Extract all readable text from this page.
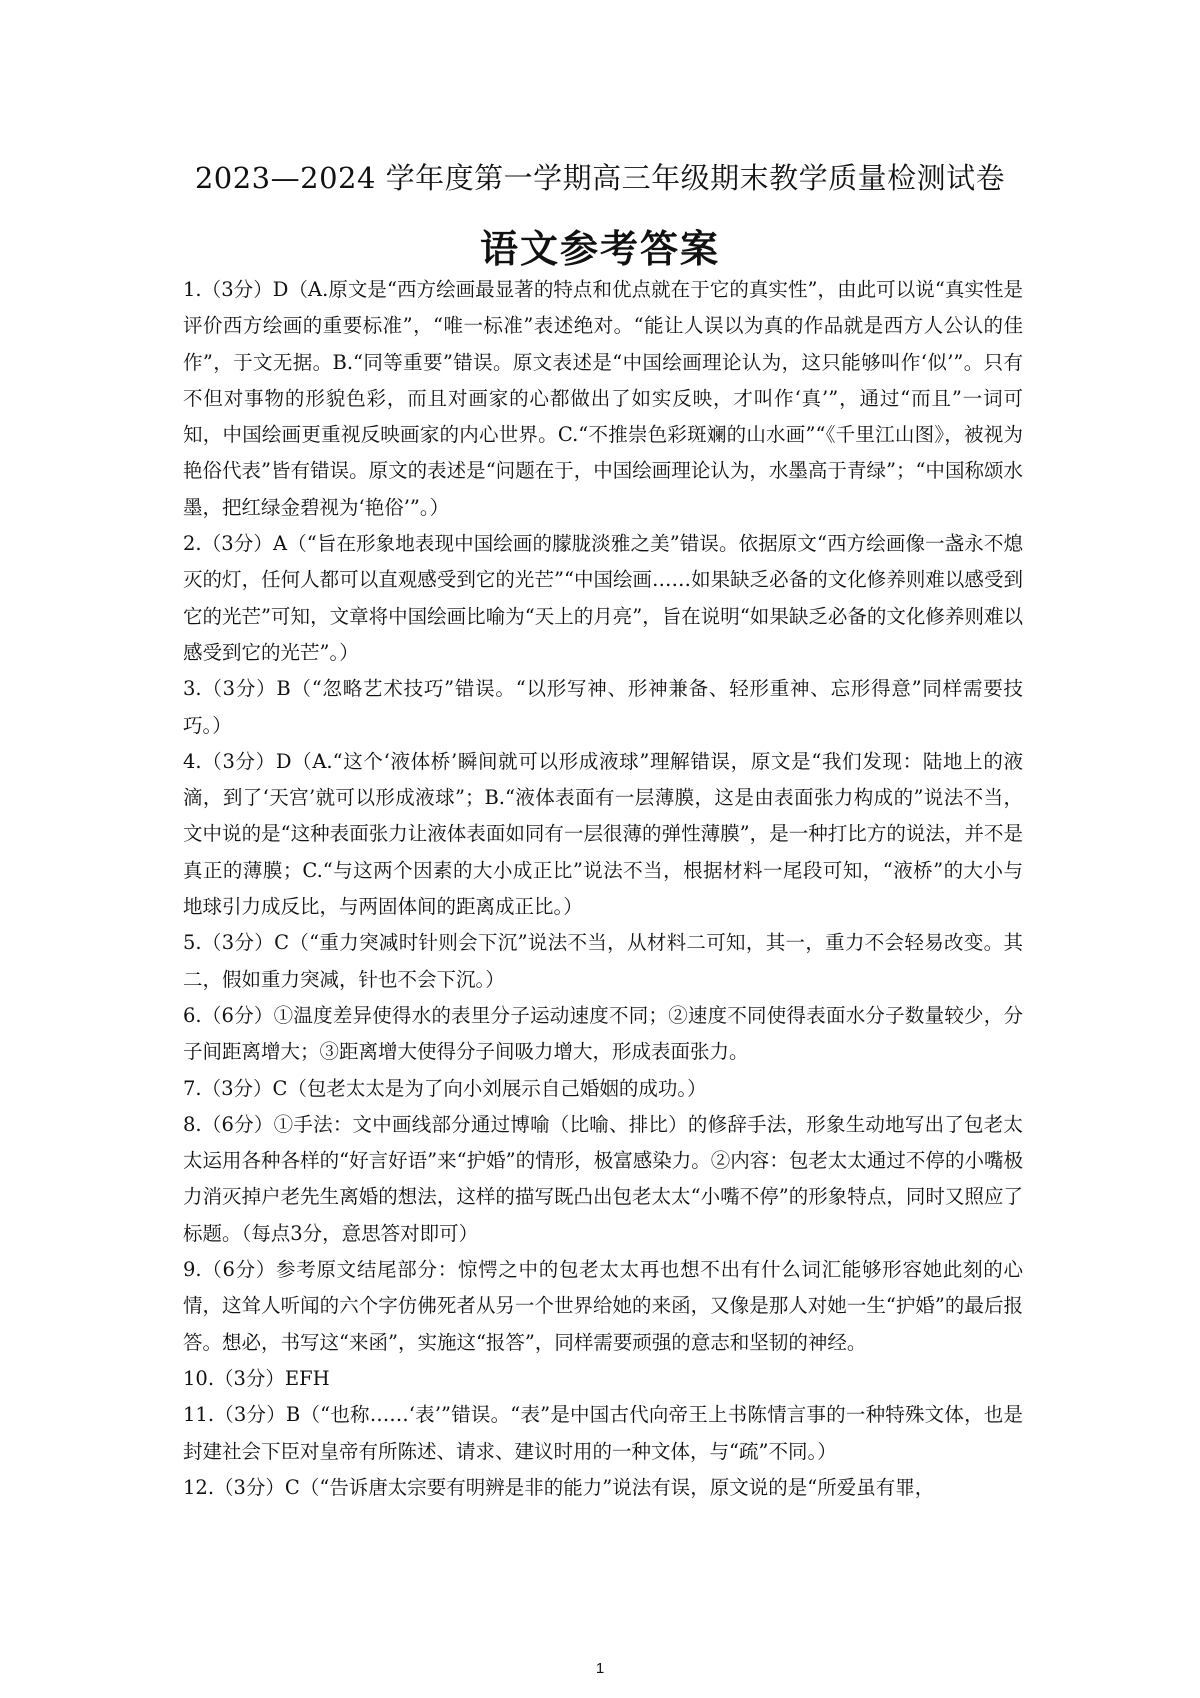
2023—2024 学年度第一学期高三年级期末教学质量检测试卷
语文参考答案

1.（3分）D（A.原文是“西方绘画最显著的特点和优点就在于它的真实性”，由此可以说“真实性是评价西方绘画的重要标准”，“唯一标准”表述绝对。“能让人误以为真的作品就是西方人公认的佳作”，于文无据。B.“同等重要”错误。原文表述是“中国绘画理论认为，这只能够叫作‘似’”。只有不但对事物的形貌色彩，而且对画家的心都做出了如实反映，才叫作‘真’”，通过“而且”一词可知，中国绘画更重视反映画家的内心世界。C.“不推崇色彩斑斓的山水画”“《千里江山图》，被视为艳俗代表”皆有错误。原文的表述是“问题在于，中国绘画理论认为，水墨高于青绿”；“中国称颂水墨，把红绿金碧视为‘艳俗’”。）

2.（3分）A（“旨在形象地表现中国绘画的朦胧淡雅之美”错误。依据原文“西方绘画像一盏永不熄灭的灯，任何人都可以直观感受到它的光芒”“中国绘画……如果缺乏必备的文化修养则难以感受到它的光芒”可知，文章将中国绘画比喻为“天上的月亮”，旨在说明“如果缺乏必备的文化修养则难以感受到它的光芒”。）

3.（3分）B（“忽略艺术技巧”错误。“以形写神、形神兼备、轻形重神、忘形得意”同样需要技巧。）

4.（3分）D（A.“这个‘液体桥’瞬间就可以形成液球”理解错误，原文是“我们发现：陆地上的液滴，到了‘天宫’就可以形成液球”；B.“液体表面有一层薄膜，这是由表面张力构成的”说法不当，文中说的是“这种表面张力让液体表面如同有一层很薄的弹性薄膜”，是一种打比方的说法，并不是真正的薄膜；C.“与这两个因素的大小成正比”说法不当，根据材料一尾段可知，“液桥”的大小与地球引力成反比，与两固体间的距离成正比。）

5.（3分）C（“重力突减时针则会下沉”说法不当，从材料二可知，其一，重力不会轻易改变。其二，假如重力突减，针也不会下沉。）

6.（6分）①温度差异使得水的表里分子运动速度不同；②速度不同使得表面水分子数量较少，分子间距离增大；③距离增大使得分子间吸力增大，形成表面张力。

7.（3分）C（包老太太是为了向小刘展示自己婚姻的成功。）

8.（6分）①手法：文中画线部分通过博喻（比喻、排比）的修辞手法，形象生动地写出了包老太太运用各种各样的“好言好语”来“护婚”的情形，极富感染力。②内容：包老太太通过不停的小嘴极力消灭掉户老先生离婚的想法，这样的描写既凸出包老太太“小嘴不停”的形象特点，同时又照应了标题。（每点3分，意思答对即可）

9.（6分）参考原文结尾部分：惊愕之中的包老太太再也想不出有什么词汇能够形容她此刻的心情，这耸人听闻的六个字仿佛死者从另一个世界给她的来函，又像是那人对她一生“护婚”的最后报答。想必，书写这“来函”，实施这“报答”，同样需要顽强的意志和坚韧的神经。

10.（3分）EFH

11.（3分）B（“也称……‘表’”错误。“表”是中国古代向帝王上书陈情言事的一种特殊文体，也是封建社会下臣对皇帝有所陈述、请求、建议时用的一种文体，与“疏”不同。）

12.（3分）C（“告诉唐太宗要有明辨是非的能力”说法有误，原文说的是“所爱虽有罪，

1
